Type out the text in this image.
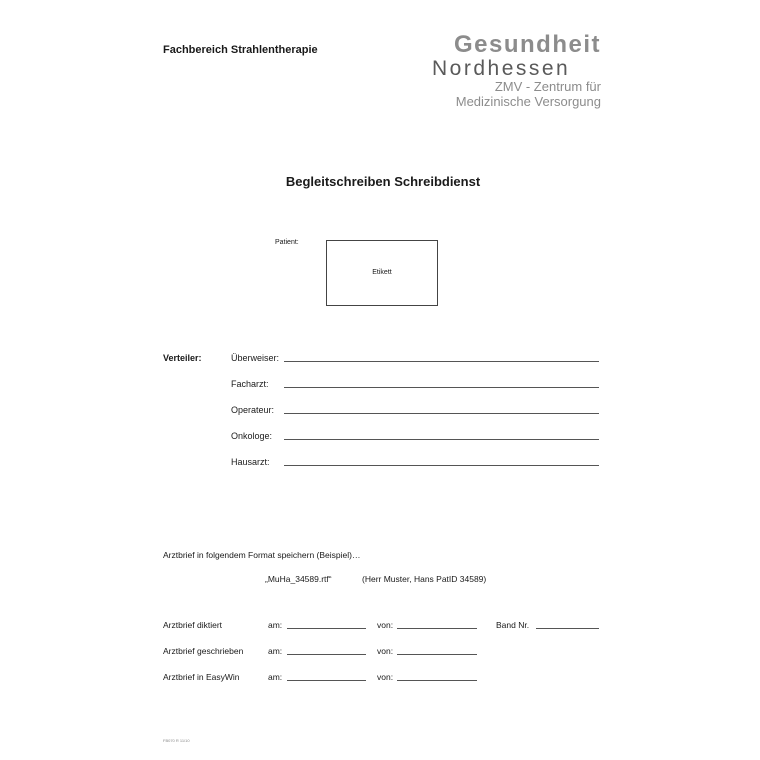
Fachbereich Strahlentherapie	Gesundheit
Nordhessen
ZMV - Zentrum für
Medizinische Versorgung
Begleitschreiben Schreibdienst
Patient:
Etikett
Verteiler:	Überweiser:
Facharzt:
Operateur:
Onkologe:
Hausarzt:
Arztbrief in folgendem Format speichern (Beispiel)…
„MuHa_34589.rtf“	(Herr Muster, Hans PatID 34589)
Arztbrief diktiert	am:	von:	Band Nr.
Arztbrief geschrieben	am:	von:
Arztbrief in EasyWin	am:	von:
FB070 R 11/10
